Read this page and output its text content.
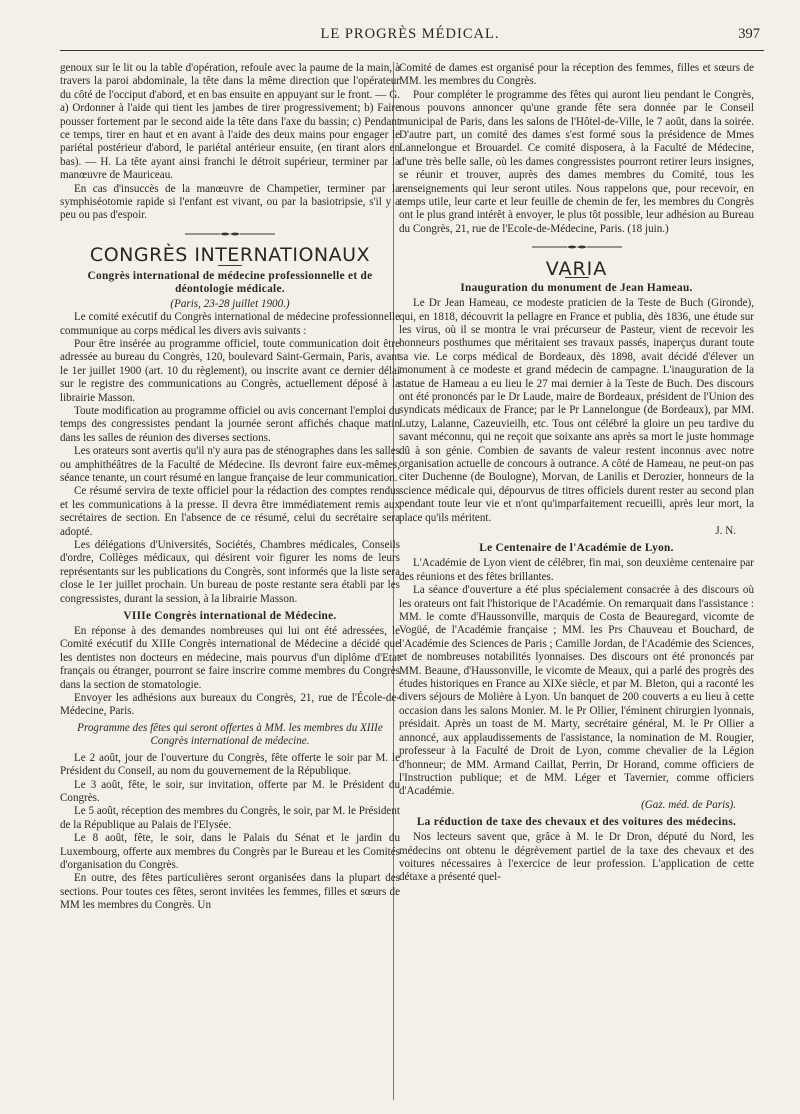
LE PROGRÈS MÉDICAL.	397

genoux sur le lit ou la table d'opération, refoule avec la paume de la main, à travers la paroi abdominale, la tête dans la même direction que l'opérateur du côté de l'occiput d'abord, et en bas ensuite en appuyant sur le front. — G. a) Ordonner à l'aide qui tient les jambes de tirer progressivement; b) Faire pousser fortement par le second aide la tête dans l'axe du bassin; c) Pendant ce temps, tirer en haut et en avant à l'aide des deux mains pour engager le pariétal postérieur d'abord, le pariétal antérieur ensuite, (en tirant alors en bas). — H. La tête ayant ainsi franchi le détroit supérieur, terminer par la manœuvre de Mauriceau.

En cas d'insuccès de la manœuvre de Champetier, terminer par la symphiséotomie rapide si l'enfant est vivant, ou par la basiotripsie, s'il y a peu ou pas d'espoir.

CONGRÈS INTERNATIONAUX
Congrès international de médecine professionnelle et de déontologie médicale.

(Paris, 23-28 juillet 1900.)

Le comité exécutif du Congrès international de médecine professionnelle communique au corps médical les divers avis suivants :

Pour être insérée au programme officiel, toute communication doit être adressée au bureau du Congrès, 120, boulevard Saint-Germain, Paris, avant le 1er juillet 1900 (art. 10 du règlement), ou inscrite avant ce dernier délai sur le registre des communications au Congrès, actuellement déposé à la librairie Masson.

Toute modification au programme officiel ou avis concernant l'emploi du temps des congressistes pendant la journée seront affichés chaque matin dans les salles de réunion des diverses sections.

Les orateurs sont avertis qu'il n'y aura pas de sténographes dans les salles ou amphithéâtres de la Faculté de Médecine. Ils devront faire eux-mêmes, séance tenante, un court résumé en langue française de leur communication.

Ce résumé servira de texte officiel pour la rédaction des comptes rendus et les communications à la presse. Il devra être immédiatement remis aux secrétaires de section. En l'absence de ce résumé, celui du secrétaire sera adopté.

Les délégations d'Universités, Sociétés, Chambres médicales, Conseils d'ordre, Collèges médicaux, qui désirent voir figurer les noms de leurs représentants sur les publications du Congrès, sont informés que la liste sera close le 1er juillet prochain. Un bureau de poste restante sera établi par les congressistes, durant la session, à la librairie Masson.

VIIIe Congrès international de Médecine.

En réponse à des demandes nombreuses qui lui ont été adressées, le Comité exécutif du XIIIe Congrès international de Médecine a décidé que les dentistes non docteurs en médecine, mais pourvus d'un diplôme d'Etat français ou étranger, pourront se faire inscrire comme membres du Congrès dans la section de stomatologie.

Envoyer les adhésions aux bureaux du Congrès, 21, rue de l'École-de-Médecine, Paris.

Programme des fêtes qui seront offertes à MM. les membres du XIIIe Congrès international de médecine.

Le 2 août, jour de l'ouverture du Congrès, fête offerte le soir par M. le Président du Conseil, au nom du gouvernement de la République.

Le 3 août, fête, le soir, sur invitation, offerte par M. le Président du Congrès.

Le 5 août, réception des membres du Congrès, le soir, par M. le Président de la République au Palais de l'Elysée.

Le 8 août, fête, le soir, dans le Palais du Sénat et le jardin du Luxembourg, offerte aux membres du Congrès par le Bureau et les Comités d'organisation du Congrès.

En outre, des fêtes particulières seront organisées dans la plupart des sections. Pour toutes ces fêtes, seront invitées les femmes, filles et sœurs de MM les membres du Congrès. Un

Comité de dames est organisé pour la réception des femmes, filles et sœurs de MM. les membres du Congrès.

Pour compléter le programme des fêtes qui auront lieu pendant le Congrès, nous pouvons annoncer qu'une grande fête sera donnée par le Conseil municipal de Paris, dans les salons de l'Hôtel-de-Ville, le 7 août, dans la soirée. D'autre part, un comité des dames s'est formé sous la présidence de Mmes Lannelongue et Brouardel. Ce comité disposera, à la Faculté de Médecine, d'une très belle salle, où les dames congressistes pourront retirer leurs insignes, se réunir et trouver, auprès des dames membres du Comité, tous les renseignements qui leur seront utiles. Nous rappelons que, pour recevoir, en temps utile, leur carte et leur feuille de chemin de fer, les membres du Congrès ont le plus grand intérêt à envoyer, le plus tôt possible, leur adhésion au Bureau du Congrès, 21, rue de l'Ecole-de-Médecine, Paris. (18 juin.)

VARIA
Inauguration du monument de Jean Hameau.

Le Dr Jean Hameau, ce modeste praticien de la Teste de Buch (Gironde), qui, en 1818, découvrit la pellagre en France et publia, dès 1836, une étude sur les virus, où il se montra le vrai précurseur de Pasteur, vient de recevoir les honneurs posthumes que méritaient ses travaux passés, inaperçus durant toute sa vie. Le corps médical de Bordeaux, dès 1898, avait décidé d'élever un monument à ce modeste et grand médecin de campagne. L'inauguration de la statue de Hameau a eu lieu le 27 mai dernier à la Teste de Buch. Des discours ont été prononcés par le Dr Laude, maire de Bordeaux, président de l'Union des syndicats médicaux de France; par le Pr Lannelongue (de Bordeaux), par MM. Lutzy, Lalanne, Cazeuvieilh, etc. Tous ont célébré la gloire un peu tardive du savant méconnu, qui ne reçoit que soixante ans après sa mort le juste hommage dû à son génie. Combien de savants de valeur restent inconnus avec notre organisation actuelle de concours à outrance. A côté de Hameau, ne peut-on pas citer Duchenne (de Boulogne), Morvan, de Lanilis et Derozier, honneurs de la science médicale qui, dépourvus de titres officiels durent rester au second plan pendant toute leur vie et n'ont qu'imparfaitement recueilli, après leur mort, la place qu'ils méritent.

J. N.

Le Centenaire de l'Académie de Lyon.

L'Académie de Lyon vient de célébrer, fin mai, son deuxième centenaire par des réunions et des fêtes brillantes.

La séance d'ouverture a été plus spécialement consacrée à des discours où les orateurs ont fait l'historique de l'Académie. On remarquait dans l'assistance : MM. le comte d'Haussonville, marquis de Costa de Beauregard, vicomte de Vogüé, de l'Académie française ; MM. les Prs Chauveau et Bouchard, de l'Académie des Sciences de Paris ; Camille Jordan, de l'Académie des Sciences, et de nombreuses notabilités lyonnaises. Des discours ont été prononcés par MM. Beaune, d'Haussonville, le vicomte de Meaux, qui a parlé des progrès des études historiques en France au XIXe siècle, et par M. Bleton, qui a raconté les divers séjours de Molière à Lyon. Un banquet de 200 couverts a eu lieu à cette occasion dans les salons Monier. M. le Pr Ollier, l'éminent chirurgien lyonnais, présidait. Après un toast de M. Marty, secrétaire général, M. le Pr Ollier a annoncé, aux applaudissements de l'assistance, la nomination de M. Rougier, professeur à la Faculté de Droit de Lyon, comme chevalier de la Légion d'honneur; de MM. Armand Caillat, Perrin, Dr Horand, comme officiers de l'Instruction publique; et de MM. Léger et Tavernier, comme officiers d'Académie.

(Gaz. méd. de Paris).

La réduction de taxe des chevaux et des voitures des médecins.

Nos lecteurs savent que, grâce à M. le Dr Dron, député du Nord, les médecins ont obtenu le dégrèvement partiel de la taxe des chevaux et des voitures nécessaires à l'exercice de leur profession. L'application de cette détaxe a présenté quel-
